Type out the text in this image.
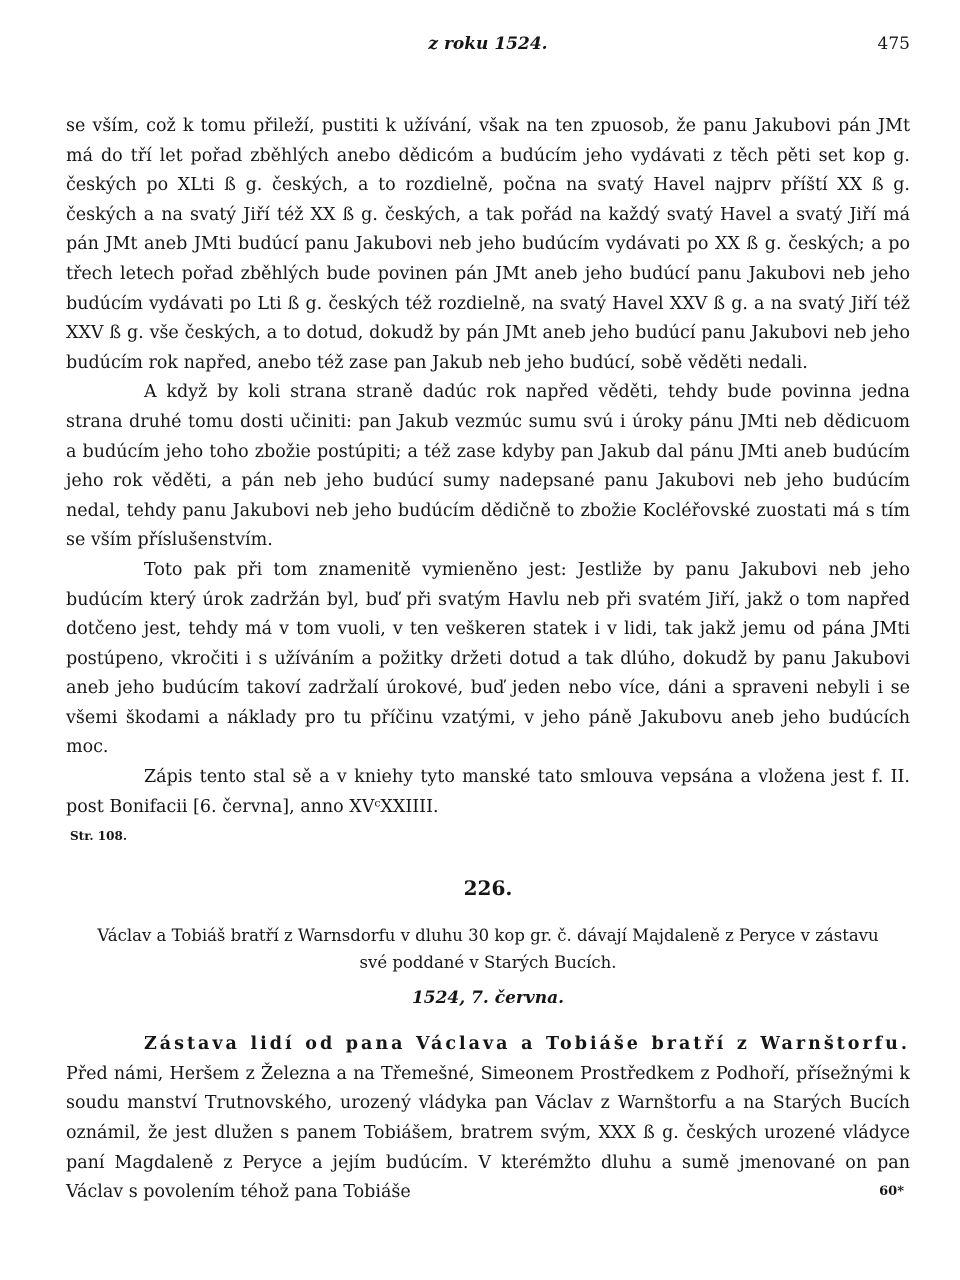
z roku 1524.	475

se vším, což k tomu přileží, pustiti k užívání, však na ten zpuosob, že panu Jakubovi pán JMt má do tří let pořad zběhlých anebo dědicóm a budúcím jeho vydávati z těch pěti set kop g. českých po XLti ß g. českých, a to rozdielně, počna na svatý Havel najprv příští XX ß g. českých a na svatý Jiří též XX ß g. českých, a tak pořád na každý svatý Havel a svatý Jiří má pán JMt aneb JMti budúcí panu Jakubovi neb jeho budúcím vydávati po XX ß g. českých; a po třech letech pořad zběhlých bude povinen pán JMt aneb jeho budúcí panu Jakubovi neb jeho budúcím vydávati po Lti ß g. českých též rozdielně, na svatý Havel XXV ß g. a na svatý Jiří též XXV ß g. vše českých, a to dotud, dokudž by pán JMt aneb jeho budúcí panu Jakubovi neb jeho budúcím rok napřed, anebo též zase pan Jakub neb jeho budúcí, sobě věděti nedali.

A když by koli strana straně dadúc rok napřed věděti, tehdy bude povinna jedna strana druhé tomu dosti učiniti: pan Jakub vezmúc sumu svú i úroky pánu JMti neb dědicuom a budúcím jeho toho zbožie postúpiti; a též zase kdyby pan Jakub dal pánu JMti aneb budúcím jeho rok věděti, a pán neb jeho budúcí sumy nadepsané panu Jakubovi neb jeho budúcím nedal, tehdy panu Jakubovi neb jeho budúcím dědičně to zbožie Kocléřovské zuostati má s tím se vším příslušenstvím.

Toto pak při tom znamenitě vymieněno jest: Jestliže by panu Jakubovi neb jeho budúcím který úrok zadržán byl, buď při svatým Havlu neb při svatém Jiří, jakž o tom napřed dotčeno jest, tehdy má v tom vuoli, v ten veškeren statek i v lidi, tak jakž jemu od pána JMti postúpeno, vkročiti i s užíváním a požitky držeti dotud a tak dlúho, dokudž by panu Jakubovi aneb jeho budúcím takoví zadržalí úrokové, buď jeden nebo více, dáni a spraveni nebyli i se všemi škodami a náklady pro tu příčinu vzatými, v jeho páně Jakubovu aneb jeho budúcích moc.

Zápis tento stal sě a v kniehy tyto manské tato smlouva vepsána a vložena jest f. II. post Bonifacii [6. června], anno XVᶜXXIIII.

Str. 108.
226.
Václav a Tobiáš bratří z Warnsdorfu v dluhu 30 kop gr. č. dávají Majdaleně z Peryce v zástavu své poddané v Starých Bucích.
1524, 7. června.

Zástava lidí od pana Václava a Tobiáše bratří z Warnštorfu. Před námi, Heršem z Železna a na Třemešné, Simeonem Prostředkem z Podhoří, přísežnými k soudu manství Trutnovského, urozený vládyka pan Václav z Warnštorfu a na Starých Bucích oznámil, že jest dlužen s panem Tobiášem, bratrem svým, XXX ß g. českých urozené vládyce paní Magdaleně z Peryce a jejím budúcím. V kterémžto dluhu a sumě jmenované on pan Václav s povolením téhož pana Tobiáše	60*
